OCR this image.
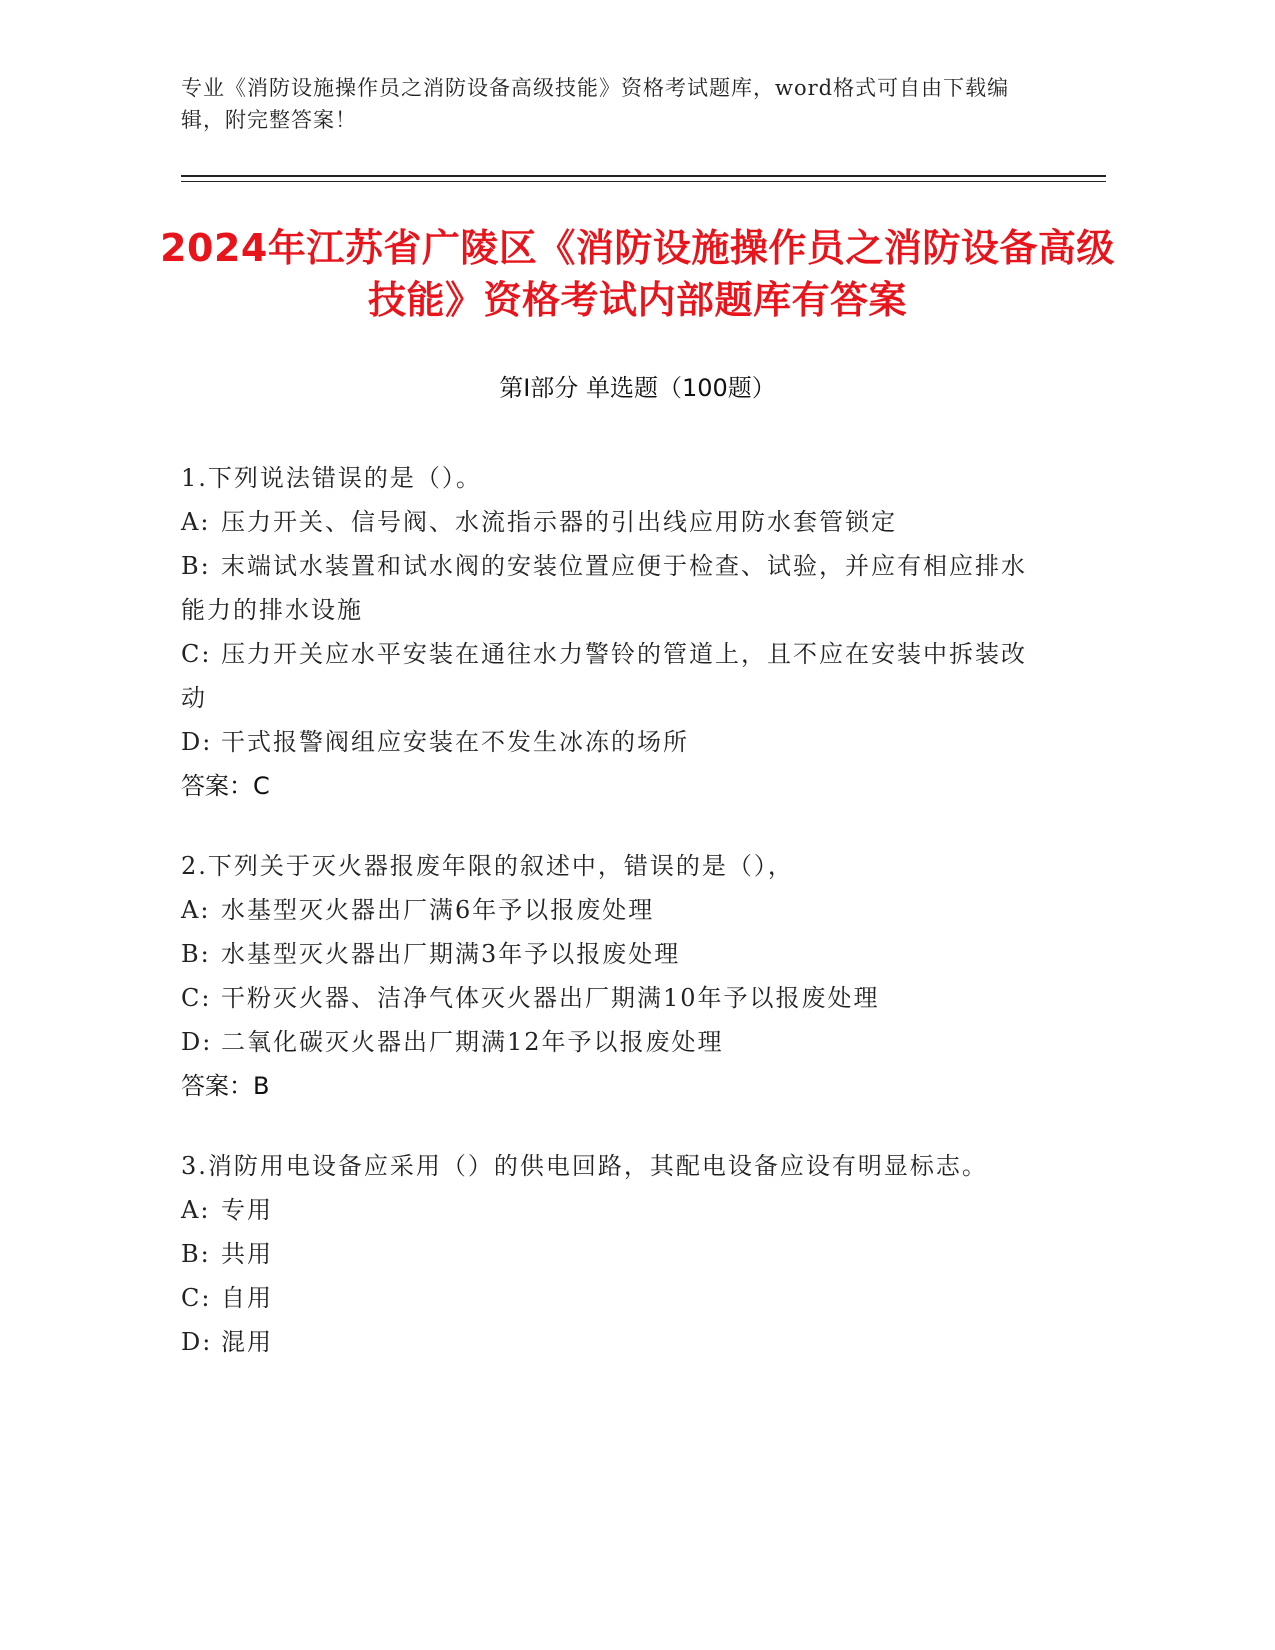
专业《消防设施操作员之消防设备高级技能》资格考试题库，word格式可自由下载编辑，附完整答案！
2024年江苏省广陵区《消防设施操作员之消防设备高级技能》资格考试内部题库有答案
第I部分 单选题（100题）
1.下列说法错误的是（）。
A: 压力开关、信号阀、水流指示器的引出线应用防水套管锁定
B: 末端试水装置和试水阀的安装位置应便于检查、试验，并应有相应排水能力的排水设施
C: 压力开关应水平安装在通往水力警铃的管道上，且不应在安装中拆装改动
D: 干式报警阀组应安装在不发生冰冻的场所
答案：C
2.下列关于灭火器报废年限的叙述中，错误的是（），
A: 水基型灭火器出厂满6年予以报废处理
B: 水基型灭火器出厂期满3年予以报废处理
C: 干粉灭火器、洁净气体灭火器出厂期满10年予以报废处理
D: 二氧化碳灭火器出厂期满12年予以报废处理
答案：B
3.消防用电设备应采用（）的供电回路，其配电设备应设有明显标志。
A: 专用
B: 共用
C: 自用
D: 混用
